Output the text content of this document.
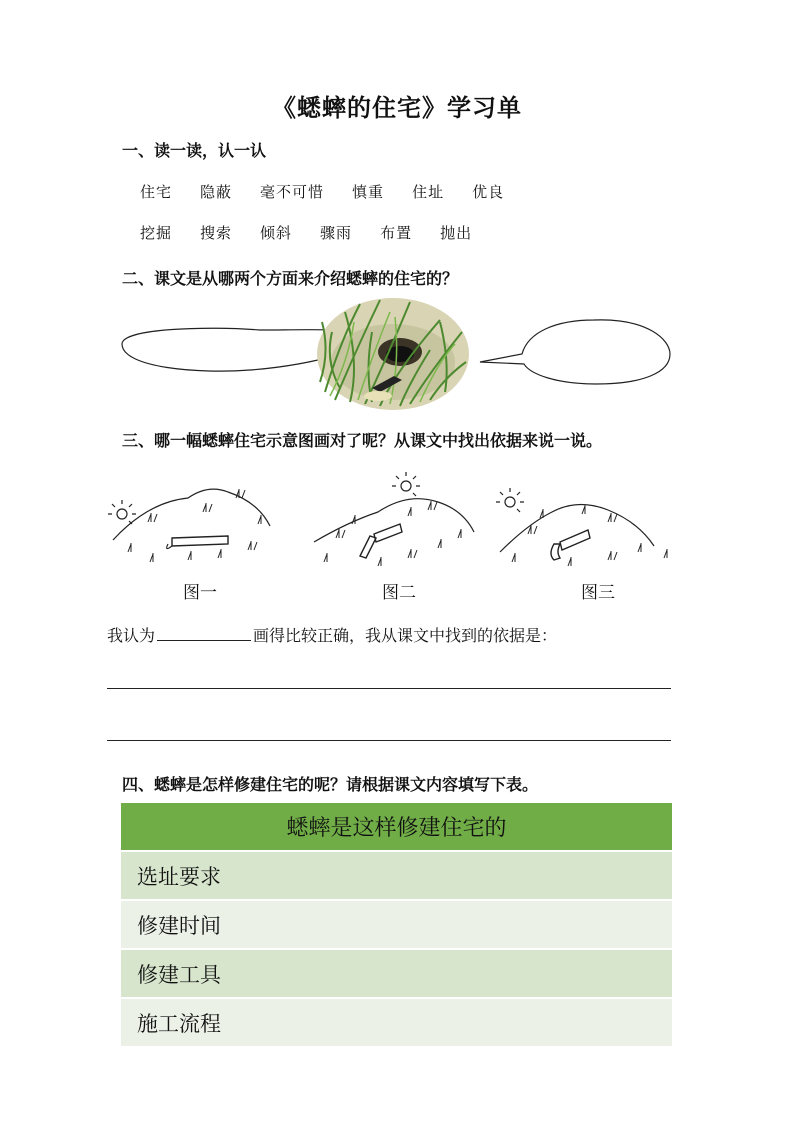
《蟋蟀的住宅》学习单
一、读一读，认一认
住宅 隐蔽 毫不可惜 慎重 住址 优良
挖掘 搜索 倾斜 骤雨 布置 抛出
二、课文是从哪两个方面来介绍蟋蟀的住宅的？
三、哪一幅蟋蟀住宅示意图画对了呢？从课文中找出依据来说一说。
图一	图二	图三
我认为	画得比较正确，我从课文中找到的依据是：
四、蟋蟀是怎样修建住宅的呢？请根据课文内容填写下表。
蟋蟀是这样修建住宅的	
选址要求	
修建时间	
修建工具	
施工流程	
